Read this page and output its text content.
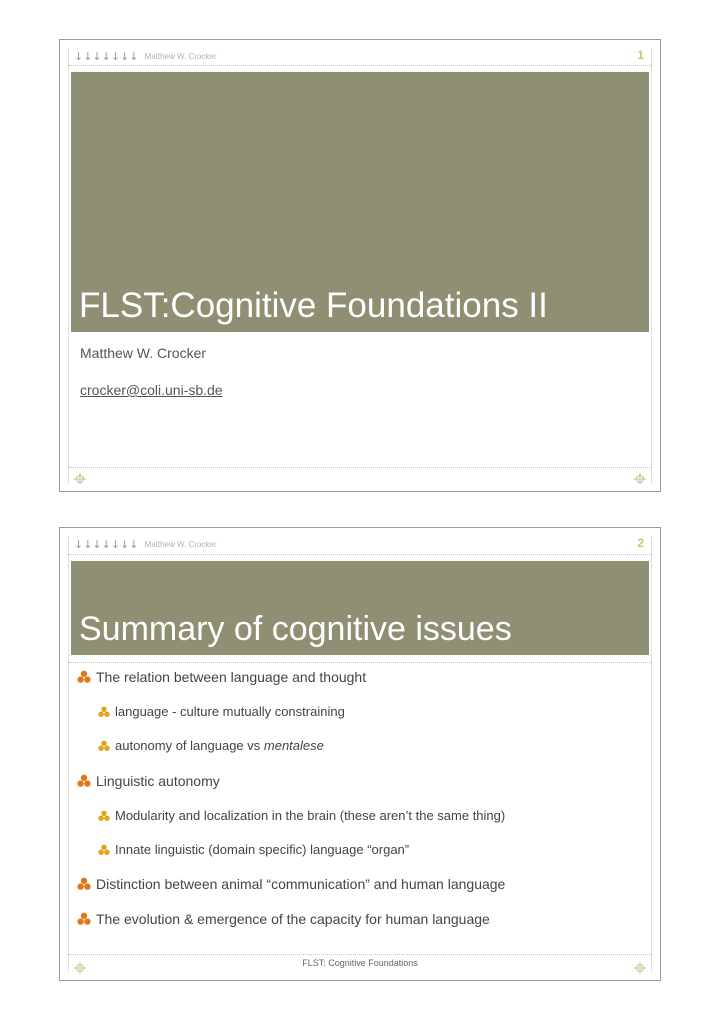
↓↓↓↓↓↓↓ Matthew W. Crocker	1
FLST:Cognitive Foundations II
Matthew W. Crocker
crocker@coli.uni-sb.de
↓↓↓↓↓↓↓ Matthew W. Crocker	2
Summary of cognitive issues
The relation between language and thought
language - culture mutually constraining
autonomy of language vs mentalese
Linguistic autonomy
Modularity and localization in the brain (these aren’t the same thing)
Innate linguistic (domain specific) language “organ”
Distinction between animal “communication” and human language
The evolution & emergence of the capacity for human language
FLST: Cognitive Foundations
